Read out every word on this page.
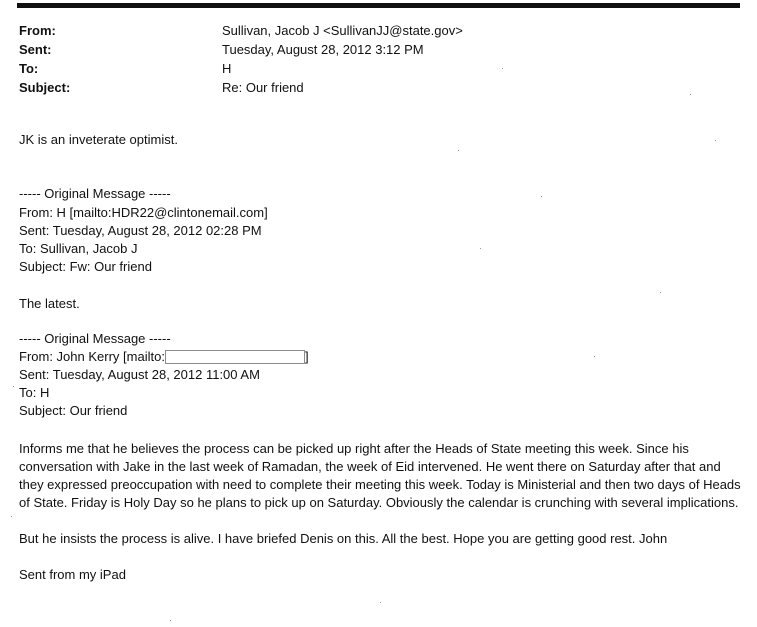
From:	Sullivan, Jacob J <SullivanJJ@state.gov>
Sent:	Tuesday, August 28, 2012 3:12 PM
To:	H
Subject:	Re: Our friend
JK is an inveterate optimist.
----- Original Message -----
From: H [mailto:HDR22@clintonemail.com]
Sent: Tuesday, August 28, 2012 02:28 PM
To: Sullivan, Jacob J
Subject: Fw: Our friend
The latest.
----- Original Message -----
From: John Kerry [mailto:	]
Sent: Tuesday, August 28, 2012 11:00 AM
To: H
Subject: Our friend
Informs me that he believes the process can be picked up right after the Heads of State meeting this week. Since his conversation with Jake in the last week of Ramadan, the week of Eid intervened. He went there on Saturday after that and they expressed preoccupation with need to complete their meeting this week. Today is Ministerial and then two days of Heads of State. Friday is Holy Day so he plans to pick up on Saturday. Obviously the calendar is crunching with several implications.
But he insists the process is alive. I have briefed Denis on this. All the best. Hope you are getting good rest. John
Sent from my iPad
